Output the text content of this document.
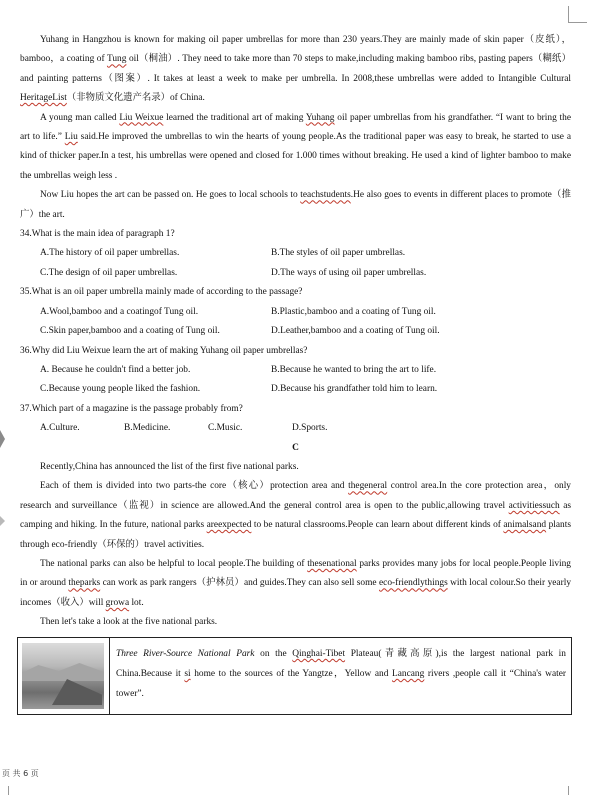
Yuhang in Hangzhou is known for making oil paper umbrellas for more than 230 years.They are mainly made of skin paper（皮纸），bamboo，a coating of Tung oil（桐油）. They need to take more than 70 steps to make,including making bamboo ribs, pasting papers（糊纸）and painting patterns（图案）. It takes at least a week to make per umbrella. In 2008,these umbrellas were added to Intangible Cultural HeritageList（非物质文化遗产名录）of China.

A young man called Liu Weixue learned the traditional art of making Yuhang oil paper umbrellas from his grandfather. “I want to bring the art to life.” Liu said.He improved the umbrellas to win the hearts of young people.As the traditional paper was easy to break, he started to use a kind of thicker paper.In a test, his umbrellas were opened and closed for 1.000 times without breaking. He used a kind of lighter bamboo to make the umbrellas weigh less .

Now Liu hopes the art can be passed on. He goes to local schools to teachstudents.He also goes to events in different places to promote（推广）the art.

34.What is the main idea of paragraph 1?

A.The history of oil paper umbrellas.	B.The styles of oil paper umbrellas.
C.The design of oil paper umbrellas.	D.The ways of using oil paper umbrellas.

35.What is an oil paper umbrella mainly made of according to the passage?

A.Wool,bamboo and a coatingof Tung oil.	B.Plastic,bamboo and a coating of Tung oil.
C.Skin paper,bamboo and a coating of Tung oil.	D.Leather,bamboo and a coating of Tung oil.

36.Why did Liu Weixue learn the art of making Yuhang oil paper umbrellas?

A. Because he couldn't find a better job.	B.Because he wanted to bring the art to life.
C.Because young people liked the fashion.	D.Because his grandfather told him to learn.

37.Which part of a magazine is the passage probably from?

A.Culture.	B.Medicine.	C.Music.	D.Sports.

C

Recently,China has announced the list of the first five national parks.

Each of them is divided into two parts-the core（核心）protection area and thegeneral control area.In the core protection area，only research and surveillance（监视）in science are allowed.And the general control area is open to the public,allowing travel activitiessuch as camping and hiking. In the future, national parks areexpected to be natural classrooms.People can learn about different kinds of animalsand plants through eco-friendly（环保的）travel activities.

The national parks can also be helpful to local people.The building of thesenational parks provides many jobs for local people.People living in or around theparks can work as park rangers（护林员）and guides.They can also sell some eco-friendlythings with local colour.So their yearly incomes（收入）will growa lot.

Then let's take a look at the five national parks.

Three River-Source National Park on the Qinghai-Tibet Plateau(青藏高原),is the largest national park in China.Because it si home to the sources of the Yangtze，Yellow and Lancang rivers ,people call it “China's water tower”.
页 共 6 页
